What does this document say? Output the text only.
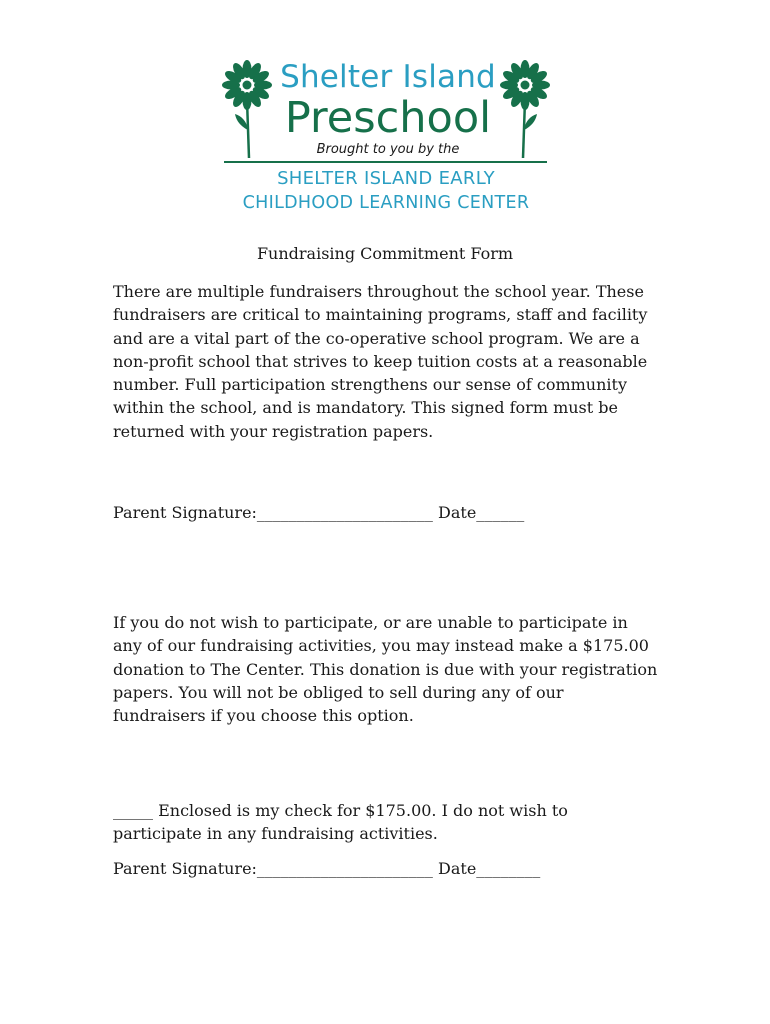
Shelter Island
Preschool
Brought to you by the
SHELTER ISLAND EARLY
CHILDHOOD LEARNING CENTER
Fundraising Commitment Form

There are multiple fundraisers throughout the school year. These fundraisers are critical to maintaining programs, staff and facility and are a vital part of the co-operative school program. We are a non-profit school that strives to keep tuition costs at a reasonable number. Full participation strengthens our sense of community within the school, and is mandatory. This signed form must be returned with your registration papers.

Parent Signature:______________________ Date______

If you do not wish to participate, or are unable to participate in any of our fundraising activities, you may instead make a $175.00 donation to The Center. This donation is due with your registration papers. You will not be obliged to sell during any of our fundraisers if you choose this option.

_____ Enclosed is my check for $175.00. I do not wish to participate in any fundraising activities.

Parent Signature:______________________ Date________
